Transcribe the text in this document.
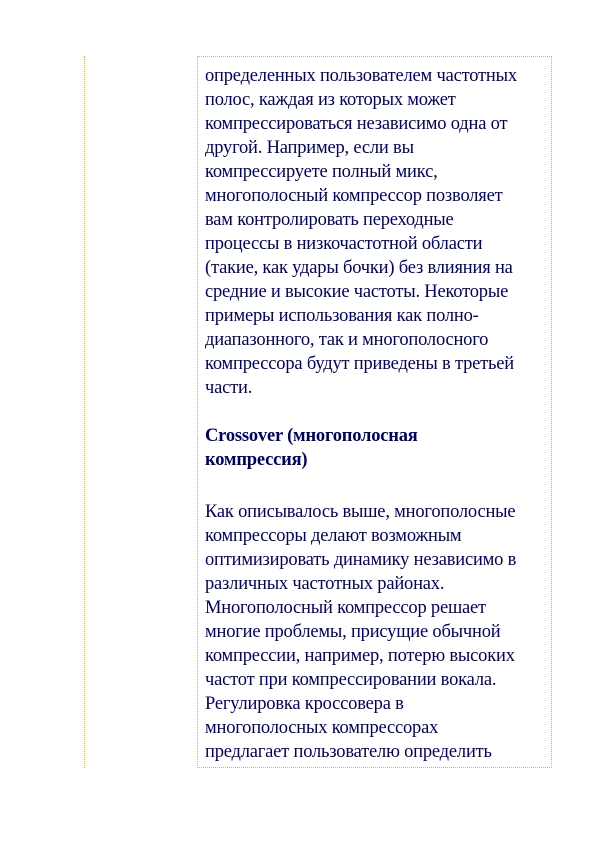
определенных пользователем частотных
полос, каждая из которых может
компрессироваться независимо одна от
другой. Например, если вы
компрессируете полный микс,
многополосный компрессор позволяет
вам контролировать переходные
процессы в низкочастотной области
(такие, как удары бочки) без влияния на
средние и высокие частоты. Некоторые
примеры использования как полно-
диапазонного, так и многополосного
компрессора будут приведены в третьей
части.
Crossover (многополосная
компрессия)
Как описывалось выше, многополосные
компрессоры делают возможным
оптимизировать динамику независимо в
различных частотных районах.
Многополосный компрессор решает
многие проблемы, присущие обычной
компрессии, например, потерю высоких
частот при компрессировании вокала.
Регулировка кроссовера в
многополосных компрессорах
предлагает пользователю определить
